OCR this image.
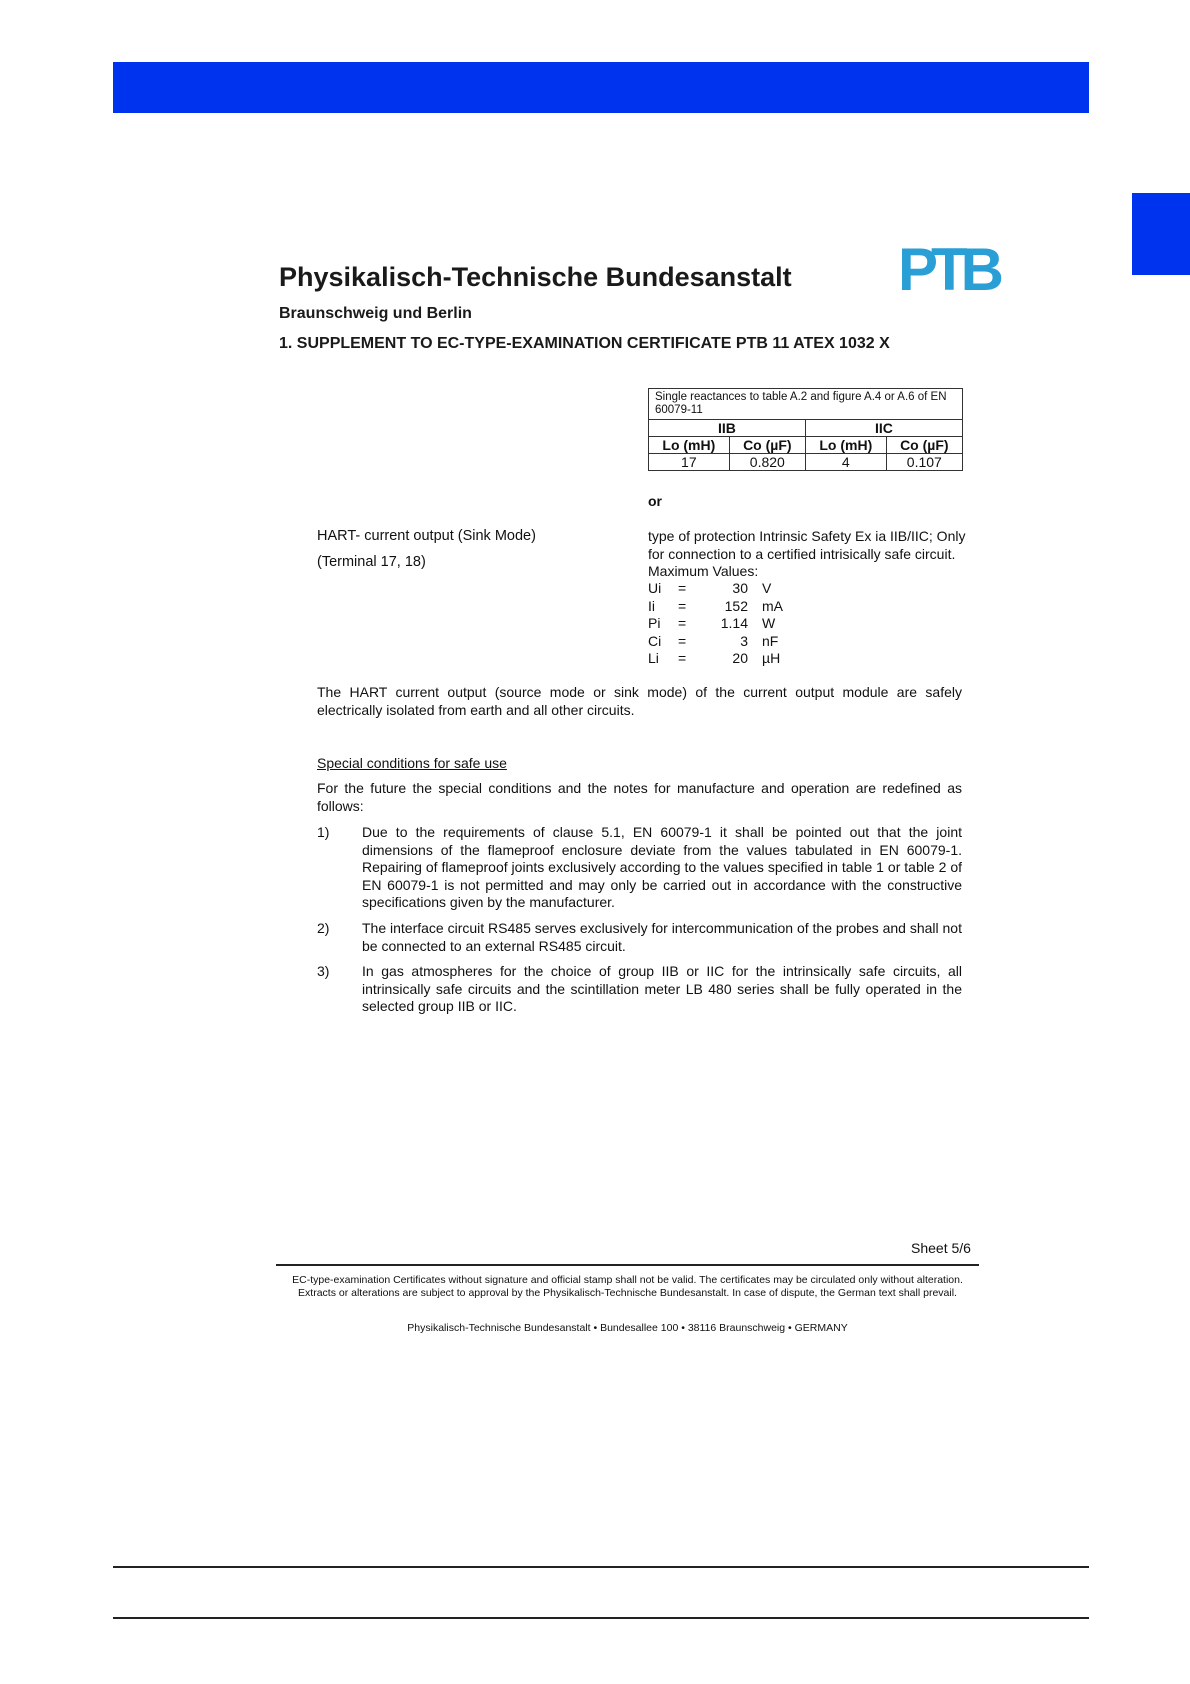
Physikalisch-Technische Bundesanstalt
Braunschweig und Berlin
1. SUPPLEMENT TO EC-TYPE-EXAMINATION CERTIFICATE PTB 11 ATEX 1032 X
PTB
Single reactances to table A.2 and figure A.4 or A.6 of EN 60079-11			
IIB		IIC	
Lo (mH)	Co (µF)	Lo (mH)	Co (µF)
17	0.820	4	0.107
or
HART- current output (Sink Mode)
(Terminal 17, 18)
type of protection Intrinsic Safety Ex ia IIB/IIC; Only for connection to a certified intrisically safe circuit. Maximum Values:
Ui	=	30 V
Ii	=	152 mA
Pi	=	1.14 W
Ci	=	3 nF
Li	=	20 µH
The HART current output (source mode or sink mode) of the current output module are safely electrically isolated from earth and all other circuits.
Special conditions for safe use
For the future the special conditions and the notes for manufacture and operation are redefined as follows:
1) Due to the requirements of clause 5.1, EN 60079-1 it shall be pointed out that the joint dimensions of the flameproof enclosure deviate from the values tabulated in EN 60079-1. Repairing of flameproof joints exclusively according to the values specified in table 1 or table 2 of EN 60079-1 is not permitted and may only be carried out in accordance with the constructive specifications given by the manufacturer.
2) The interface circuit RS485 serves exclusively for intercommunication of the probes and shall not be connected to an external RS485 circuit.
3) In gas atmospheres for the choice of group IIB or IIC for the intrinsically safe circuits, all intrinsically safe circuits and the scintillation meter LB 480 series shall be fully operated in the selected group IIB or IIC.
Sheet 5/6
EC-type-examination Certificates without signature and official stamp shall not be valid. The certificates may be circulated only without alteration. Extracts or alterations are subject to approval by the Physikalisch-Technische Bundesanstalt. In case of dispute, the German text shall prevail.
Physikalisch-Technische Bundesanstalt • Bundesallee 100 • 38116 Braunschweig • GERMANY
